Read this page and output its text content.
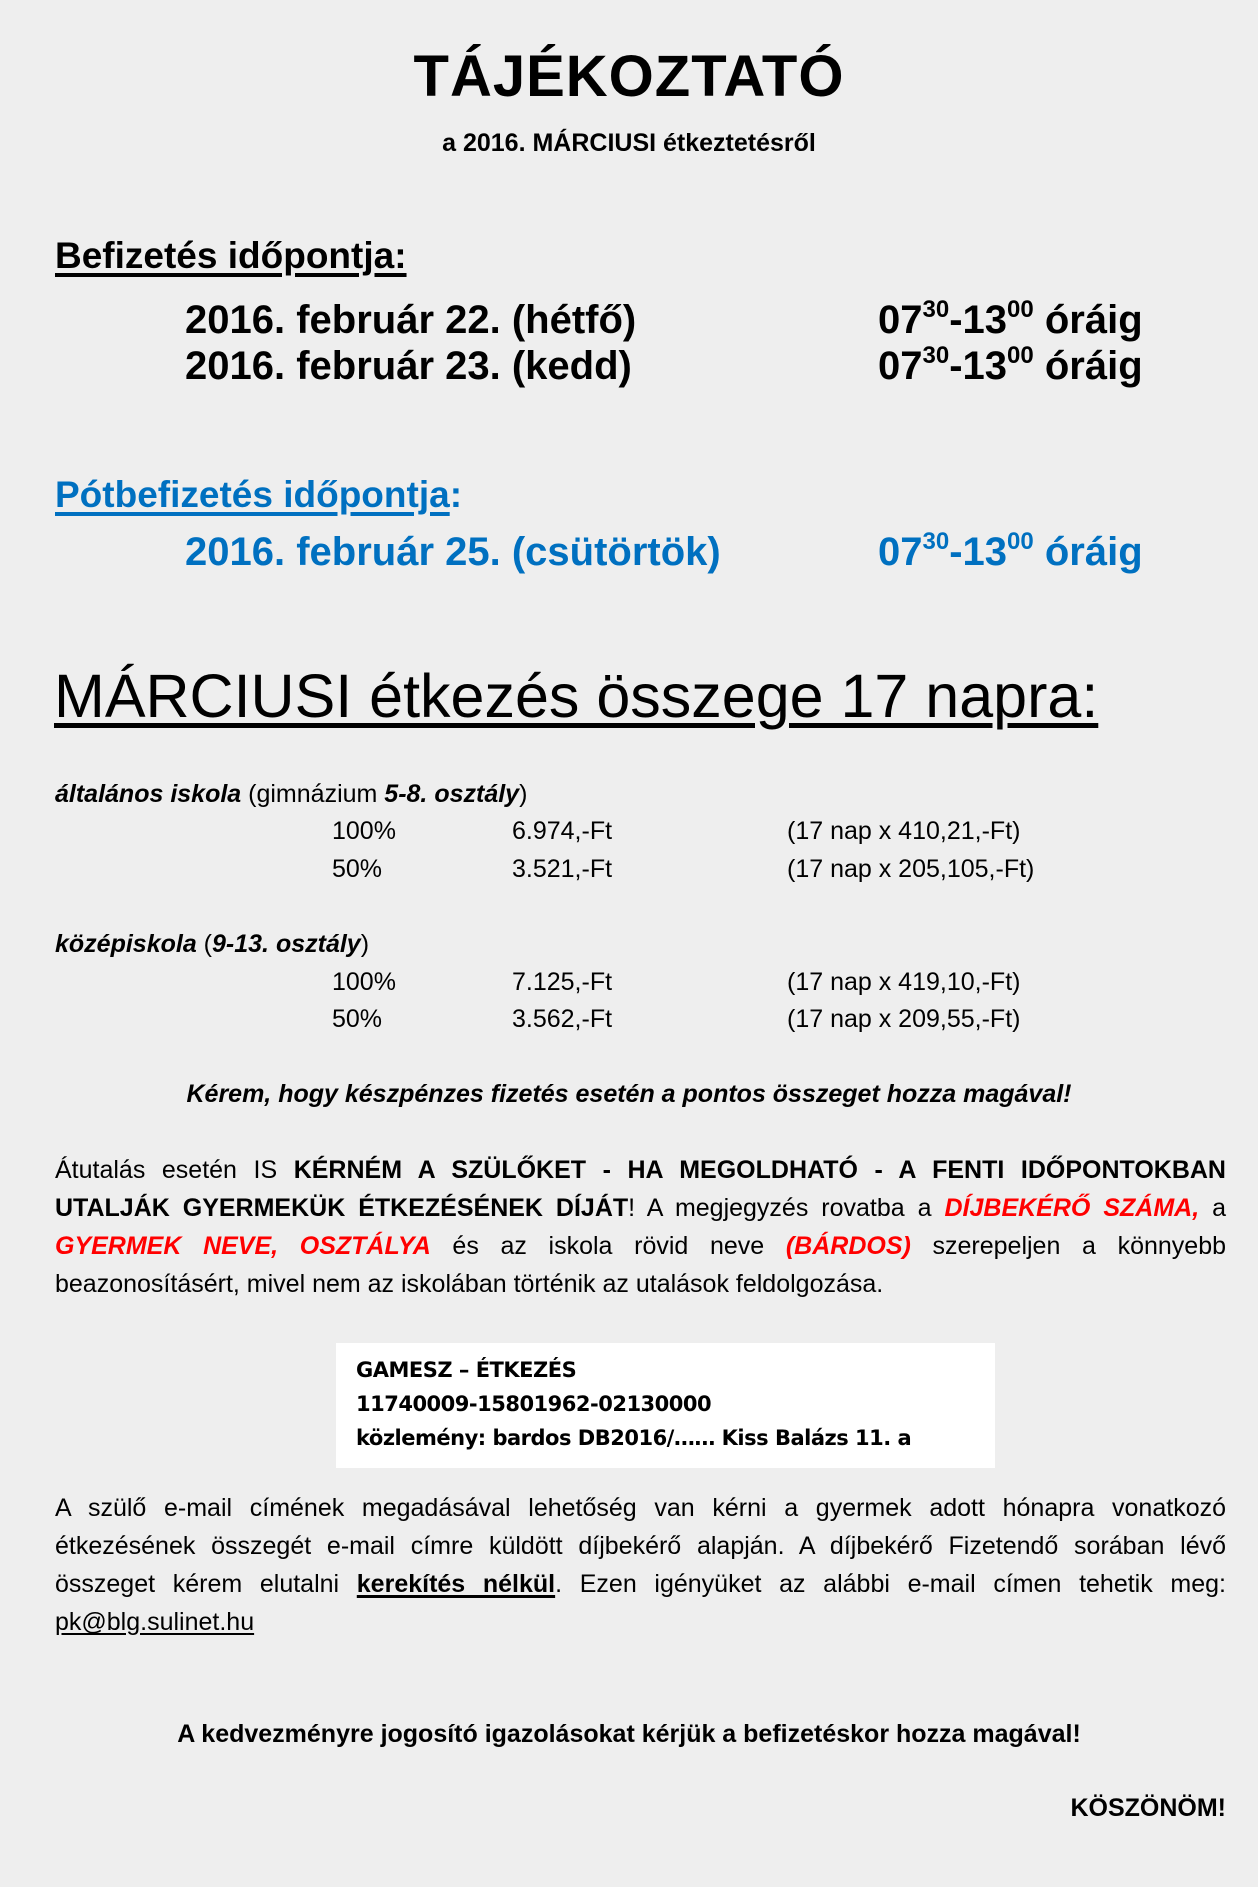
TÁJÉKOZTATÓ
a 2016. MÁRCIUSI étkeztetésről
Befizetés időpontja:
2016. február 22. (hétfő)	$07^{30}-13^{00}$ óráig
2016. február 23. (kedd)	$07^{30}-13^{00}$ óráig
Pótbefizetés időpontja:
2016. február 25. (csütörtök)	$07^{30}-13^{00}$ óráig
MÁRCIUSI étkezés összege 17 napra:
általános iskola (gimnázium 5-8. osztály)
100%	6.974,-Ft	(17 nap x 410,21,-Ft)
50%	3.521,-Ft	(17 nap x 205,105,-Ft)
középiskola (9-13. osztály)
100%	7.125,-Ft	(17 nap x 419,10,-Ft)
50%	3.562,-Ft	(17 nap x 209,55,-Ft)
Kérem, hogy készpénzes fizetés esetén a pontos összeget hozza magával!
Átutalás esetén IS KÉRNÉM A SZÜLŐKET - HA MEGOLDHATÓ - A FENTI IDŐPONTOKBAN UTALJÁK GYERMEKÜK ÉTKEZÉSÉNEK DÍJÁT! A megjegyzés rovatba a DÍJBEKÉRŐ SZÁMA, a GYERMEK NEVE, OSZTÁLYA és az iskola rövid neve (BÁRDOS) szerepeljen a könnyebb beazonosításért, mivel nem az iskolában történik az utalások feldolgozása.
GAMESZ – ÉTKEZÉS
11740009-15801962-02130000
közlemény: bardos DB2016/…… Kiss Balázs 11. a
A szülő e-mail címének megadásával lehetőség van kérni a gyermek adott hónapra vonatkozó étkezésének összegét e-mail címre küldött díjbekérő alapján. A díjbekérő Fizetendő sorában lévő összeget kérem elutalni kerekítés nélkül. Ezen igényüket az alábbi e-mail címen tehetik meg: pk@blg.sulinet.hu
A kedvezményre jogosító igazolásokat kérjük a befizetéskor hozza magával!
KÖSZÖNÖM!
